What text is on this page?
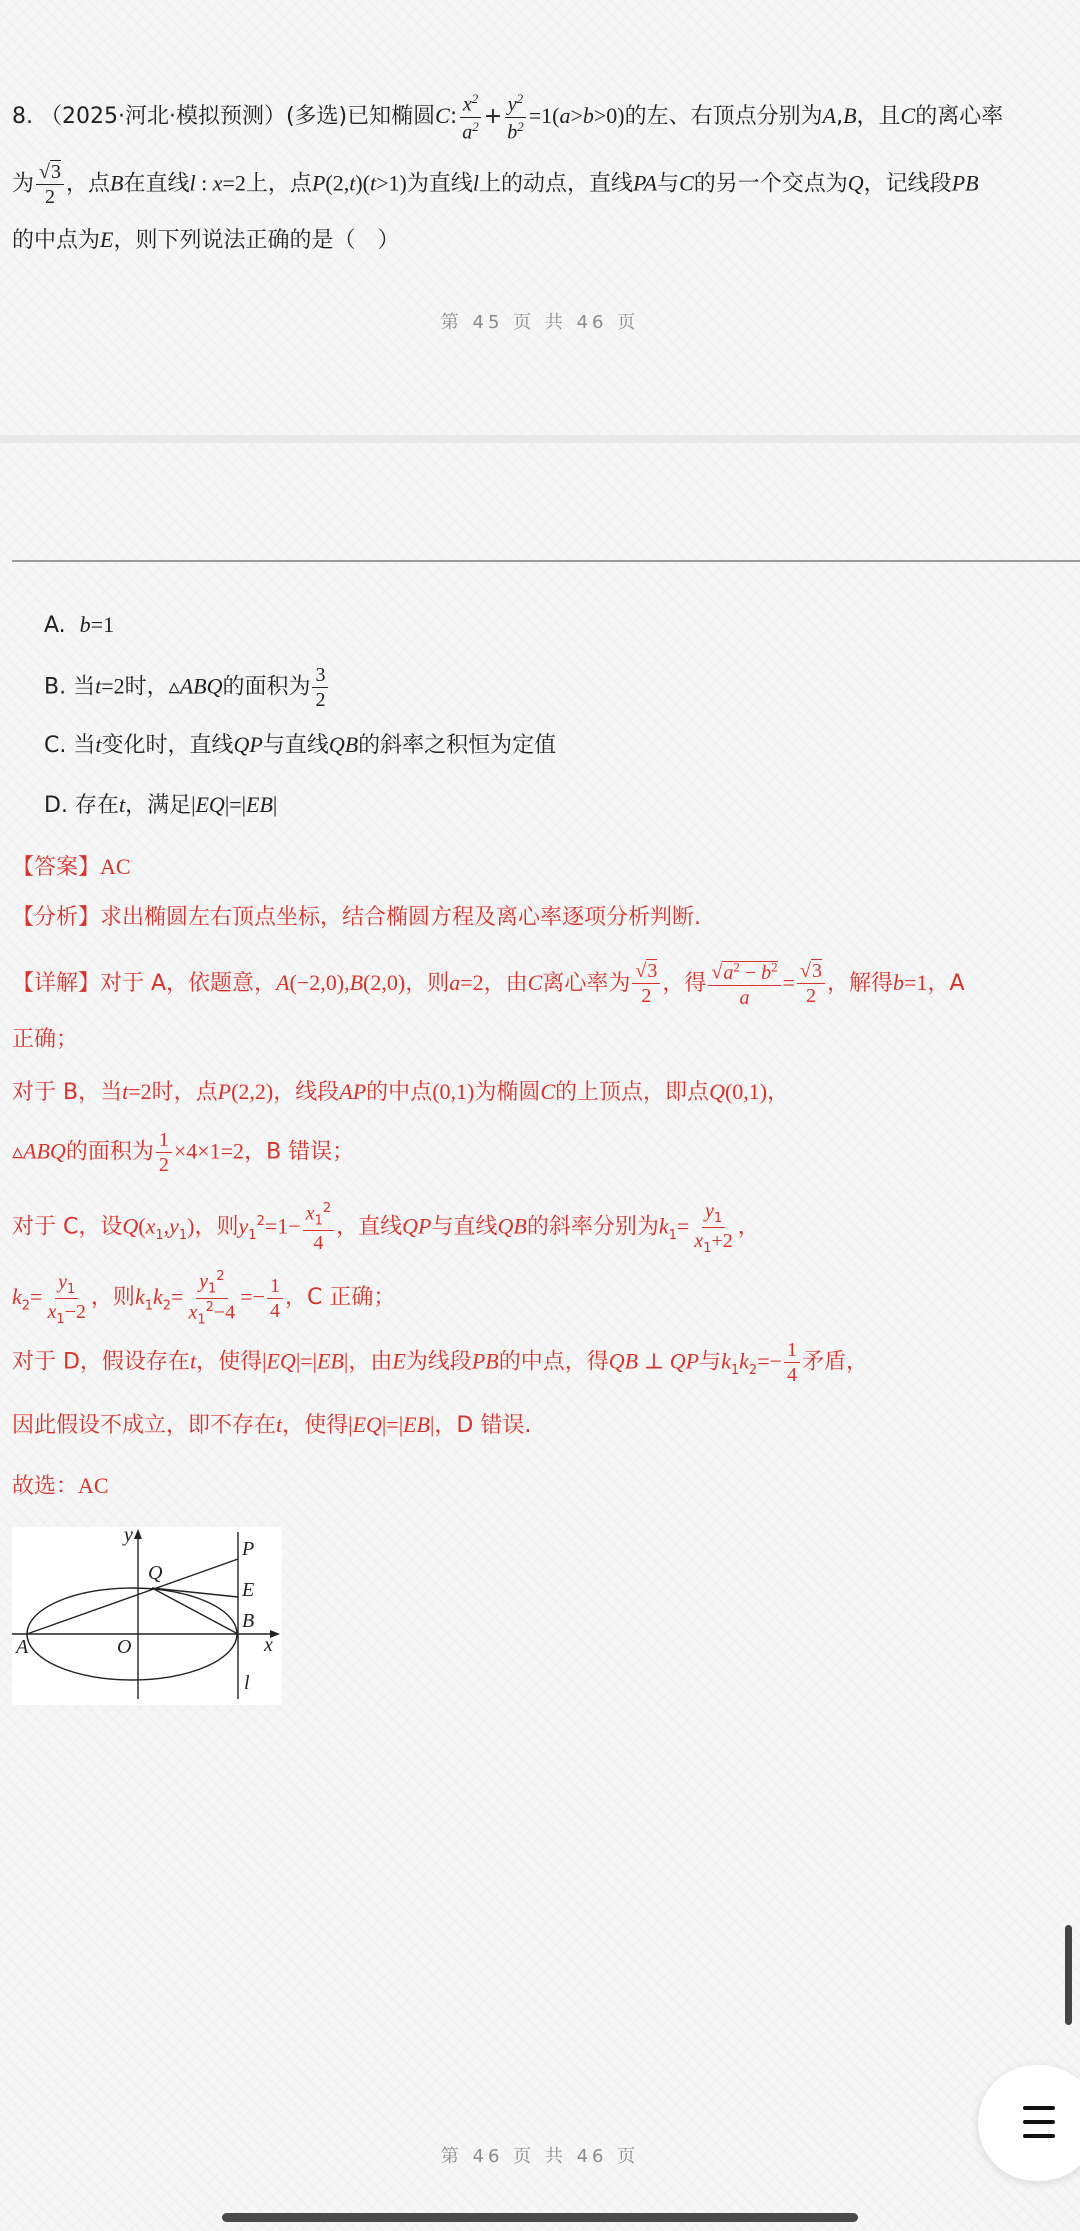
8. （2025·河北·模拟预测）(多选)已知椭圆C: $\frac{x^2}{a^2} + \frac{y^2}{b^2} =1(a>b>0)$的左、右顶点分别为A,B，且C的离心率
为 $\frac{√3}{2}$ ，点B在直线l : x=2上，点P(2,t)(t>1)为直线l上的动点，直线PA与C的另一个交点为Q，记线段PB
的中点为E，则下列说法正确的是（　）
第 45 页 共 46 页
A. b=1
B. 当t=2时，▵ABQ的面积为 $\frac{3}{2}$
C. 当t变化时，直线QP与直线QB的斜率之积恒为定值
D. 存在t，满足|EQ|=|EB|
【答案】AC
【分析】求出椭圆左右顶点坐标，结合椭圆方程及离心率逐项分析判断.
【详解】对于 A，依题意，A(−2,0),B(2,0)，则a=2，由C离心率为 $\frac{√3}{2}$ ，得 $\frac{√a^2 - b^2}{a} = \frac{√3}{2}$ ，解得b=1，A
正确；
对于 B，当t=2时，点P(2,2)，线段AP的中点(0,1)为椭圆C的上顶点，即点Q(0,1)，
▵ABQ的面积为 $\frac{1}{2} \times 4\times 1=2$，B 错误；
对于 C，设$Q(x_1,y_1)$，则$y_1^2=1- \frac{x_1^2}{4}$ ，直线QP与直线QB的斜率分别为$k_1= \frac{y_1}{x_1+2}$ ，
$k_2= \frac{y_1}{x_1-2}$ ，则$k_1k_2= \frac{y_1^2}{x_1^2-4} =- \frac{1}{4}$ ，C 正确；
对于 D，假设存在t，使得|EQ|=|EB|，由E为线段PB的中点，得QB ⊥ QP与$k_1k_2=- \frac{1}{4}$ 矛盾，
因此假设不成立，即不存在t，使得|EQ|=|EB|，D 错误.
故选：AC
y
P
Q
E
B
A	O	x
l
第 46 页 共 46 页
